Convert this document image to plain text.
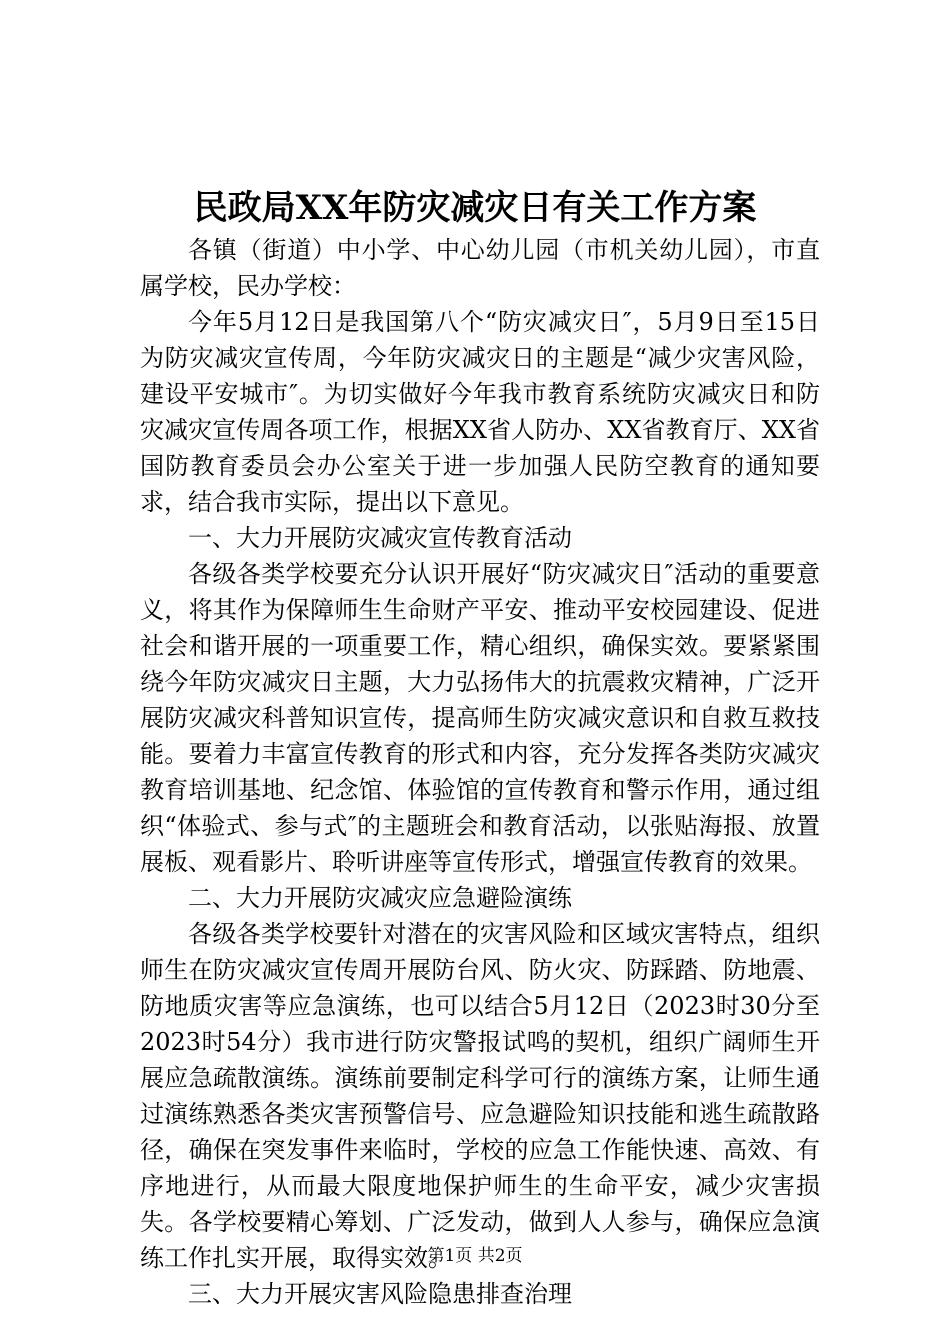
民政局XX年防灾减灾日有关工作方案

各镇（街道）中小学、中心幼儿园（市机关幼儿园），市直属学校，民办学校：

今年5月12日是我国第八个“防灾减灾日″，5月9日至15日为防灾减灾宣传周，今年防灾减灾日的主题是“减少灾害风险，建设平安城市″。为切实做好今年我市教育系统防灾减灾日和防灾减灾宣传周各项工作，根据XX省人防办、XX省教育厅、XX省国防教育委员会办公室关于进一步加强人民防空教育的通知要求，结合我市实际，提出以下意见。

一、大力开展防灾减灾宣传教育活动

各级各类学校要充分认识开展好“防灾减灾日″活动的重要意义，将其作为保障师生生命财产平安、推动平安校园建设、促进社会和谐开展的一项重要工作，精心组织，确保实效。要紧紧围绕今年防灾减灾日主题，大力弘扬伟大的抗震救灾精神，广泛开展防灾减灾科普知识宣传，提高师生防灾减灾意识和自救互救技能。要着力丰富宣传教育的形式和内容，充分发挥各类防灾减灾教育培训基地、纪念馆、体验馆的宣传教育和警示作用，通过组织“体验式、参与式″的主题班会和教育活动，以张贴海报、放置展板、观看影片、聆听讲座等宣传形式，增强宣传教育的效果。

二、大力开展防灾减灾应急避险演练

各级各类学校要针对潜在的灾害风险和区域灾害特点，组织师生在防灾减灾宣传周开展防台风、防火灾、防踩踏、防地震、防地质灾害等应急演练，也可以结合5月12日（2023时30分至2023时54分）我市进行防灾警报试鸣的契机，组织广阔师生开展应急疏散演练。演练前要制定科学可行的演练方案，让师生通过演练熟悉各类灾害预警信号、应急避险知识技能和逃生疏散路径，确保在突发事件来临时，学校的应急工作能快速、高效、有序地进行，从而最大限度地保护师生的生命平安，减少灾害损失。各学校要精心筹划、广泛发动，做到人人参与，确保应急演练工作扎实开展，取得实效。

三、大力开展灾害风险隐患排查治理

第1页 共2页
